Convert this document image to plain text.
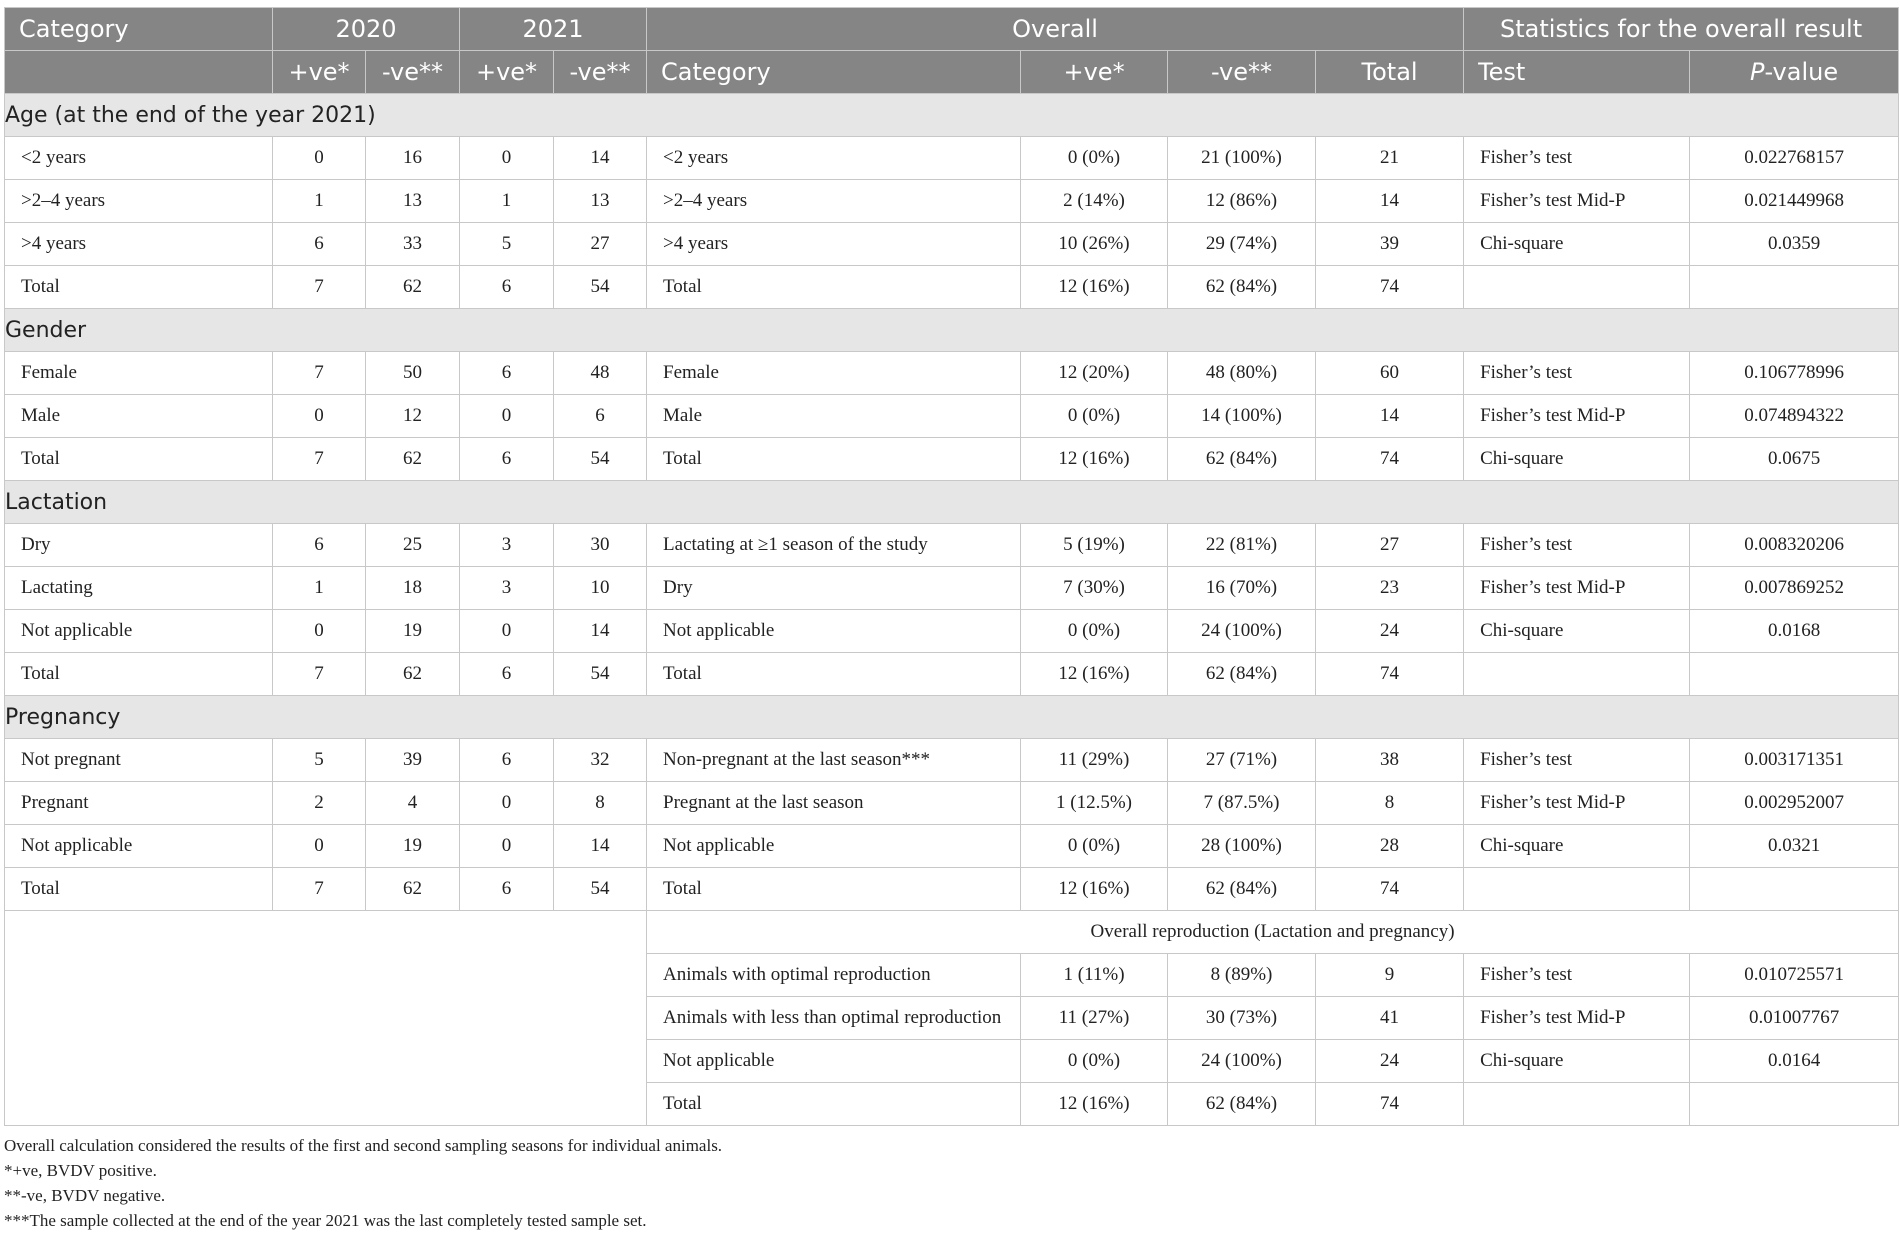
Category	2020		2021		Overall				Statistics for the overall result	
	+ve*	-ve**	+ve*	-ve**	Category	+ve*	-ve**	Total	Test	P-value
Age (at the end of the year 2021)										
<2 years	0	16	0	14	<2 years	0 (0%)	21 (100%)	21	Fisher’s test	0.022768157
>2–4 years	1	13	1	13	>2–4 years	2 (14%)	12 (86%)	14	Fisher’s test Mid-P	0.021449968
>4 years	6	33	5	27	>4 years	10 (26%)	29 (74%)	39	Chi-square	0.0359
Total	7	62	6	54	Total	12 (16%)	62 (84%)	74		
Gender										
Female	7	50	6	48	Female	12 (20%)	48 (80%)	60	Fisher’s test	0.106778996
Male	0	12	0	6	Male	0 (0%)	14 (100%)	14	Fisher’s test Mid-P	0.074894322
Total	7	62	6	54	Total	12 (16%)	62 (84%)	74	Chi-square	0.0675
Lactation										
Dry	6	25	3	30	Lactating at ≥1 season of the study	5 (19%)	22 (81%)	27	Fisher’s test	0.008320206
Lactating	1	18	3	10	Dry	7 (30%)	16 (70%)	23	Fisher’s test Mid-P	0.007869252
Not applicable	0	19	0	14	Not applicable	0 (0%)	24 (100%)	24	Chi-square	0.0168
Total	7	62	6	54	Total	12 (16%)	62 (84%)	74		
Pregnancy										
Not pregnant	5	39	6	32	Non-pregnant at the last season***	11 (29%)	27 (71%)	38	Fisher’s test	0.003171351
Pregnant	2	4	0	8	Pregnant at the last season	1 (12.5%)	7 (87.5%)	8	Fisher’s test Mid-P	0.002952007
Not applicable	0	19	0	14	Not applicable	0 (0%)	28 (100%)	28	Chi-square	0.0321
Total	7	62	6	54	Total	12 (16%)	62 (84%)	74		
					Overall reproduction (Lactation and pregnancy)					
					Animals with optimal reproduction	1 (11%)	8 (89%)	9	Fisher’s test	0.010725571
					Animals with less than optimal reproduction	11 (27%)	30 (73%)	41	Fisher’s test Mid-P	0.01007767
					Not applicable	0 (0%)	24 (100%)	24	Chi-square	0.0164
					Total	12 (16%)	62 (84%)	74		
Overall calculation considered the results of the first and second sampling seasons for individual animals.
*+ve, BVDV positive.
**-ve, BVDV negative.
***The sample collected at the end of the year 2021 was the last completely tested sample set.
